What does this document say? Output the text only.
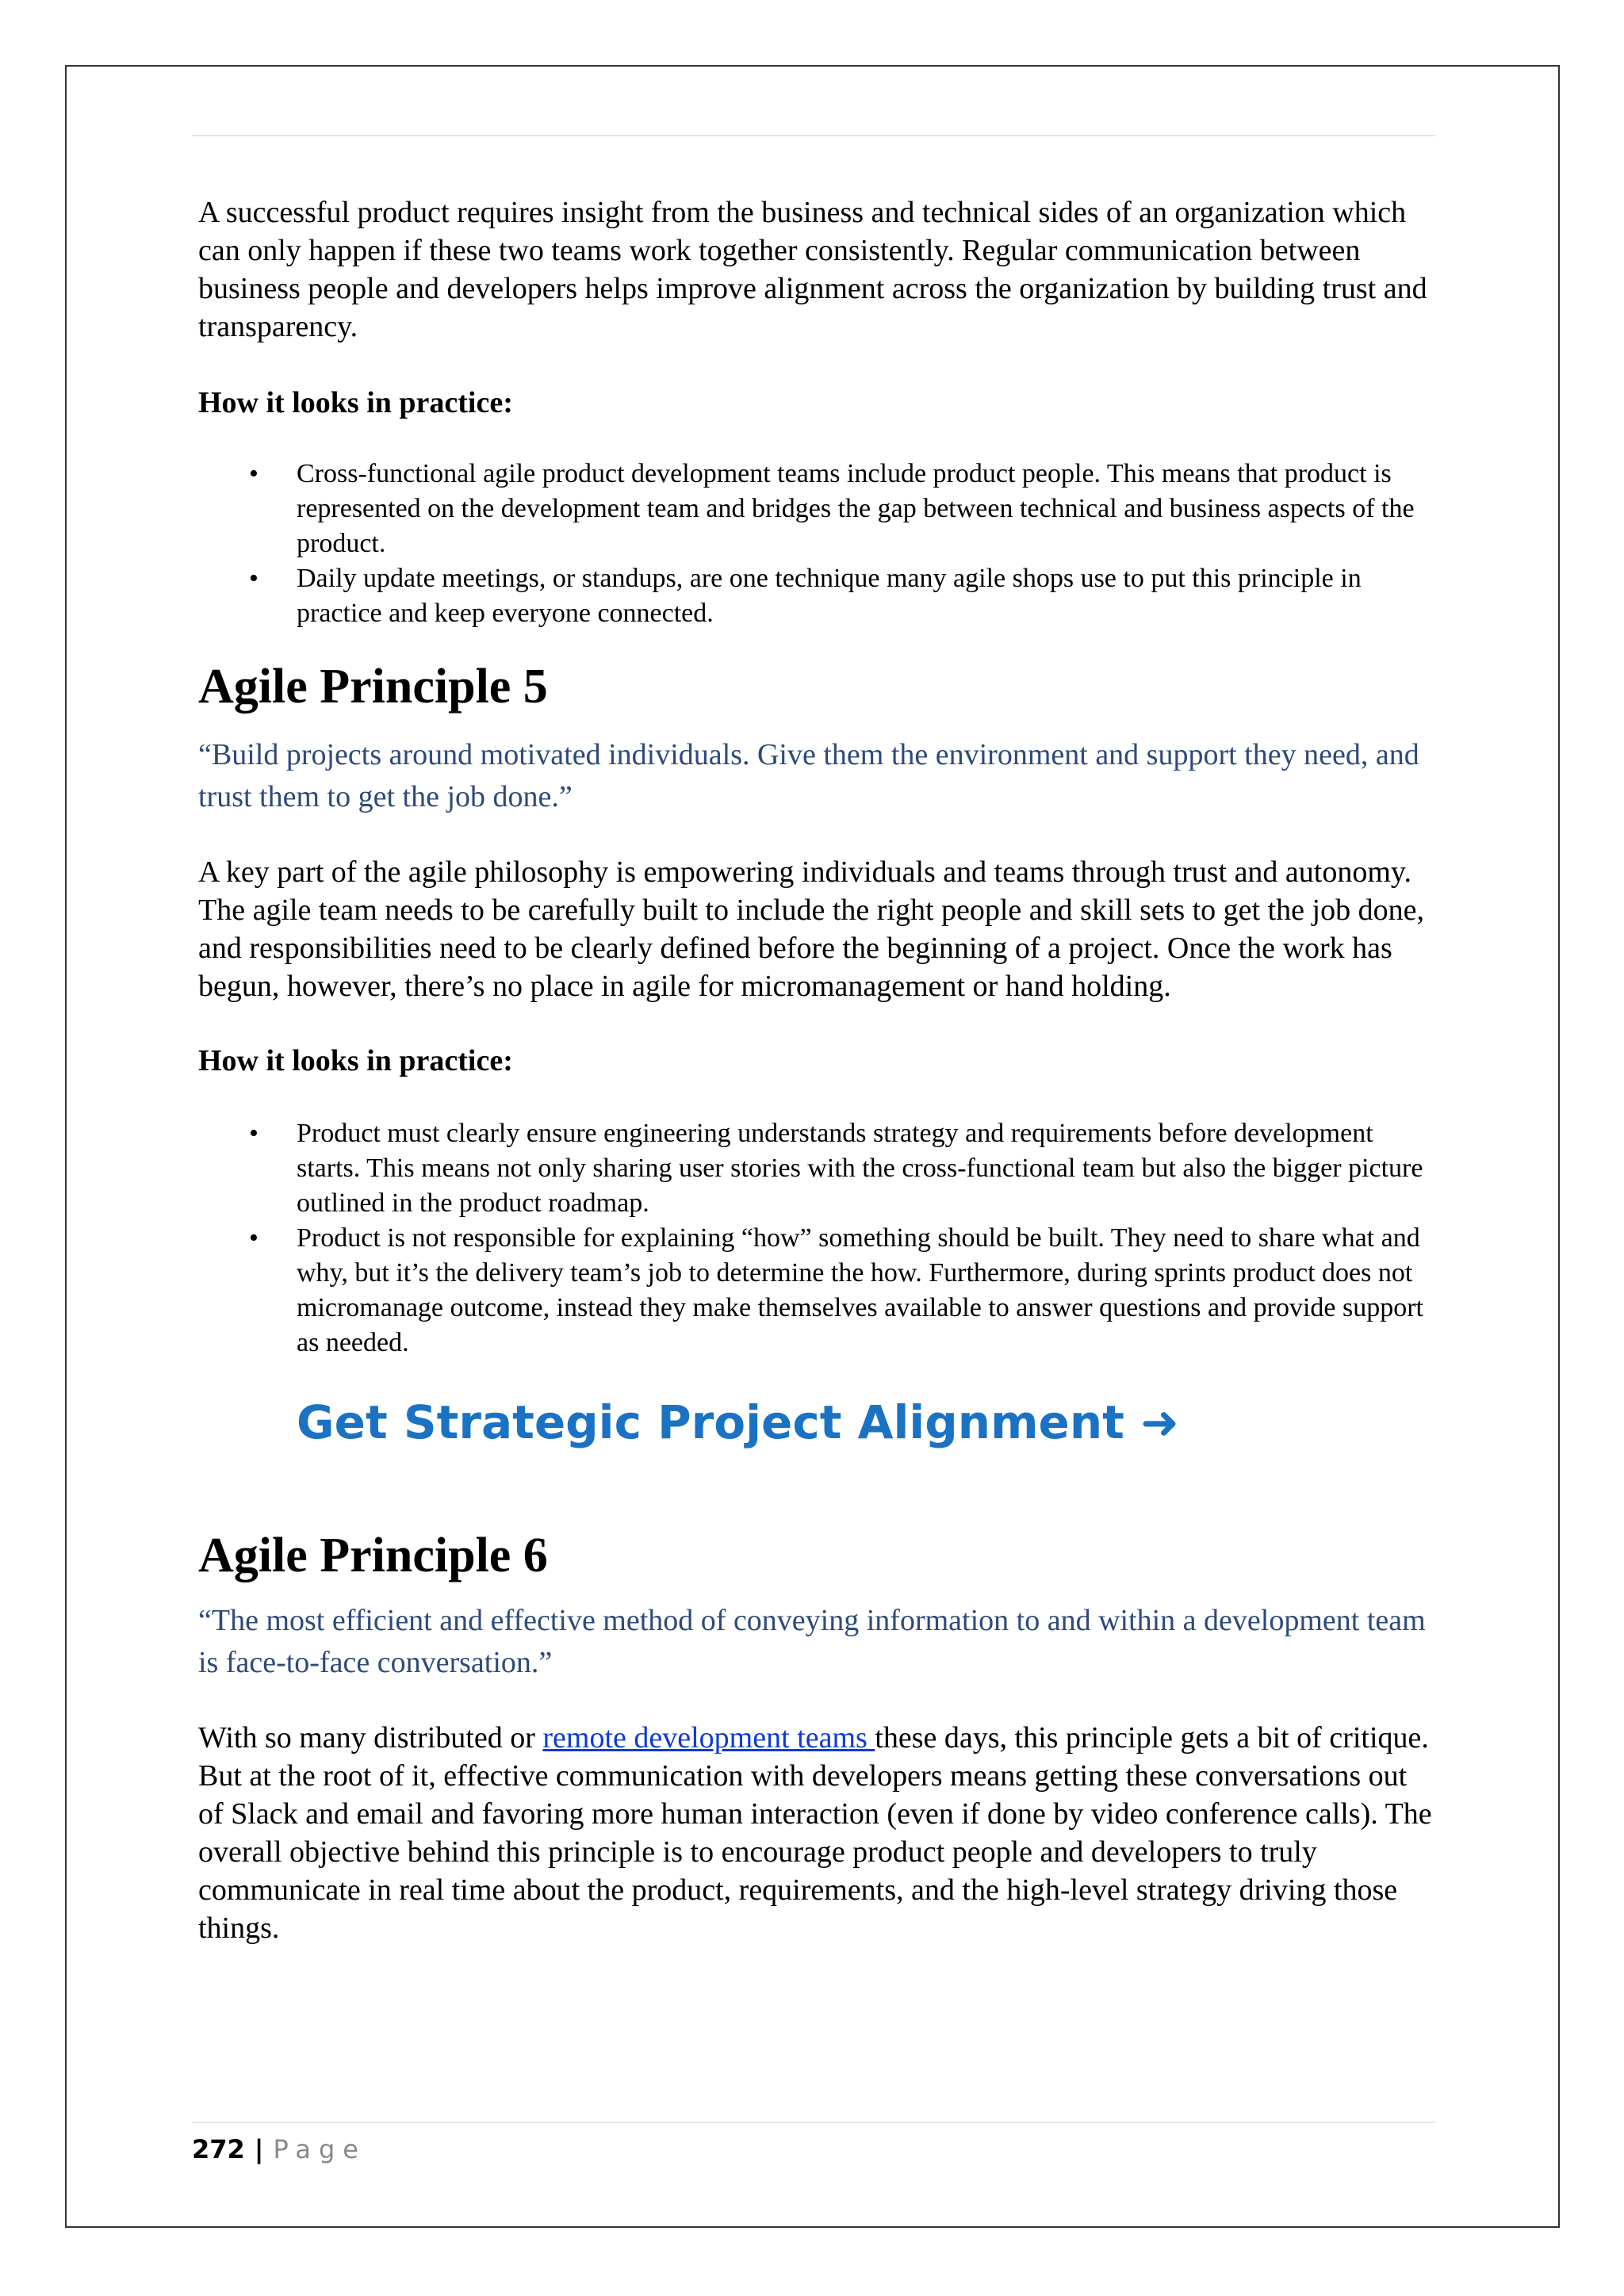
A successful product requires insight from the business and technical sides of an organization which can only happen if these two teams work together consistently. Regular communication between business people and developers helps improve alignment across the organization by building trust and transparency.

How it looks in practice:

• Cross-functional agile product development teams include product people. This means that product is represented on the development team and bridges the gap between technical and business aspects of the product.
• Daily update meetings, or standups, are one technique many agile shops use to put this principle in practice and keep everyone connected.
Agile Principle 5

“Build projects around motivated individuals. Give them the environment and support they need, and trust them to get the job done.”

A key part of the agile philosophy is empowering individuals and teams through trust and autonomy. The agile team needs to be carefully built to include the right people and skill sets to get the job done, and responsibilities need to be clearly defined before the beginning of a project. Once the work has begun, however, there’s no place in agile for micromanagement or hand holding.

How it looks in practice:

• Product must clearly ensure engineering understands strategy and requirements before development starts. This means not only sharing user stories with the cross-functional team but also the bigger picture outlined in the product roadmap.
• Product is not responsible for explaining “how” something should be built. They need to share what and why, but it’s the delivery team’s job to determine the how. Furthermore, during sprints product does not micromanage outcome, instead they make themselves available to answer questions and provide support as needed.
Get Strategic Project Alignment ➜
Agile Principle 6

“The most efficient and effective method of conveying information to and within a development team is face-to-face conversation.”

With so many distributed or remote development teams these days, this principle gets a bit of critique. But at the root of it, effective communication with developers means getting these conversations out of Slack and email and favoring more human interaction (even if done by video conference calls). The overall objective behind this principle is to encourage product people and developers to truly communicate in real time about the product, requirements, and the high-level strategy driving those things.

272 | Page
